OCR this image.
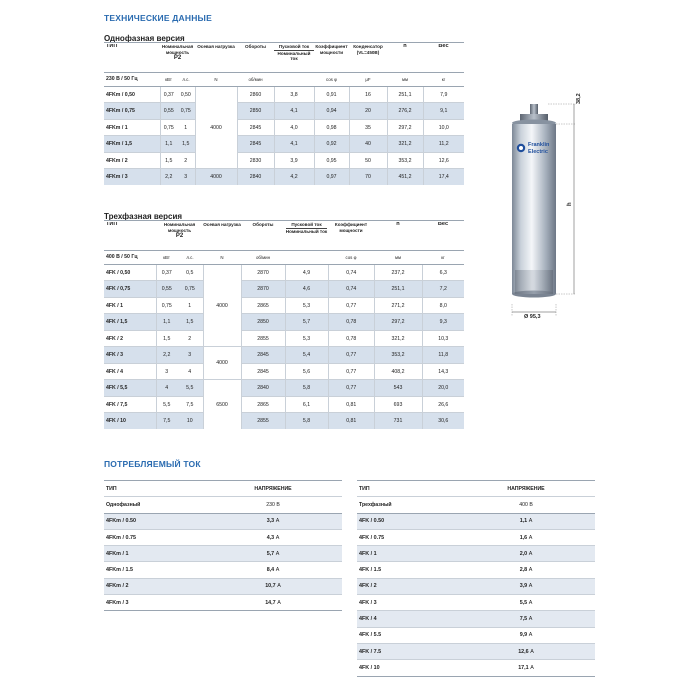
ТЕХНИЧЕСКИЕ ДАННЫЕ
Однофазная версия
ТИП	Номинальная мощность
P2		Осевая нагрузка	Обороты	Пусковой ток
Номинальный ток	Коэффициент мощности	Конденсатор (VL=450В)	h	Вес

230 В / 50 Гц	кВт	л.с.	N	об/мин		cos φ	μF	мм	кг
4FKm / 0,50	0,37	0,50	4000	2860	3,8	0,91	16	251,1	7,9
4FKm / 0,75	0,55	0,75		2850	4,1	0,94	20	276,2	9,1
4FKm / 1	0,75	1		2845	4,0	0,98	35	297,2	10,0
4FKm / 1,5	1,1	1,5		2845	4,1	0,92	40	321,2	11,2
4FKm / 2	1,5	2		2830	3,9	0,95	50	353,2	12,6
4FKm / 3	2,2	3	4000	2840	4,2	0,97	70	451,2	17,4
Трехфазная версия
ТИП	Номинальная мощность
P2		Осевая нагрузка	Обороты	Пусковой ток
Номинальный ток	Коэффициент мощности		h	Вес

400 В / 50 Гц	кВт	л.с.	N	об/мин		cos φ		мм	кг
4FK / 0,50	0,37	0,5	4000	2870	4,9	0,74		237,2	6,3
4FK / 0,75	0,55	0,75		2870	4,6	0,74		251,1	7,2
4FK / 1	0,75	1		2865	5,3	0,77		271,2	8,0
4FK / 1,5	1,1	1,5		2850	5,7	0,78		297,2	9,3
4FK / 2	1,5	2		2855	5,3	0,78		321,2	10,3
4FK / 3	2,2	3	4000	2845	5,4	0,77		353,2	11,8
4FK / 4	3	4		2845	5,6	0,77		408,2	14,3
4FK / 5,5	4	5,5	6500	2840	5,8	0,77		543	20,0
4FK / 7,5	5,5	7,5		2865	6,1	0,81		693	26,6
4FK / 10	7,5	10		2855	5,8	0,81		731	30,6
Franklin
Electric
38,2
h
Ø 95,3
ПОТРЕБЛЯЕМЫЙ ТОК
ТИП	НАПРЯЖЕНИЕ
Однофазный	230 В
4FKm / 0.50	3,3 А
4FKm / 0.75	4,3 А
4FKm / 1	5,7 А
4FKm / 1.5	8,4 А
4FKm / 2	10,7 А
4FKm / 3	14,7 А
ТИП	НАПРЯЖЕНИЕ
Трехфазный	400 В
4FK / 0.50	1,1 А
4FK / 0.75	1,6 А
4FK / 1	2,0 А
4FK / 1.5	2,8 А
4FK / 2	3,9 А
4FK / 3	5,5 А
4FK / 4	7,5 А
4FK / 5.5	9,9 А
4FK / 7.5	12,6 А
4FK / 10	17,1 А
